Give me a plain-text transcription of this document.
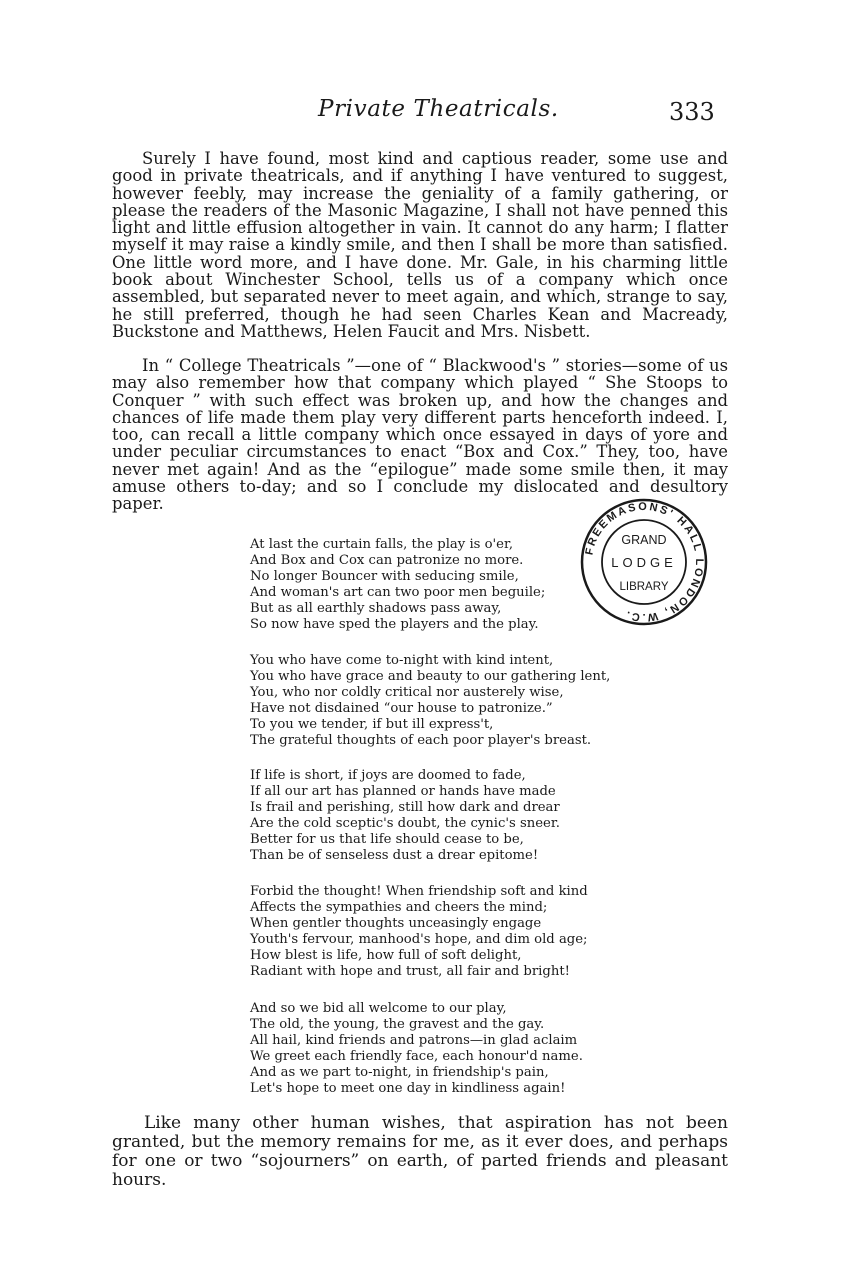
Private Theatricals.	333

Surely I have found, most kind and captious reader, some use and good in private theatricals, and if anything I have ventured to suggest, however feebly, may increase the geniality of a family gathering, or please the readers of the Masonic Magazine, I shall not have penned this light and little effusion altogether in vain. It cannot do any harm; I flatter myself it may raise a kindly smile, and then I shall be more than satisfied. One little word more, and I have done. Mr. Gale, in his charming little book about Winchester School, tells us of a company which once assembled, but separated never to meet again, and which, strange to say, he still preferred, though he had seen Charles Kean and Macready, Buckstone and Matthews, Helen Faucit and Mrs. Nisbett.

In “ College Theatricals ”—one of “ Blackwood's ” stories—some of us may also remember how that company which played “ She Stoops to Conquer ” with such effect was broken up, and how the changes and chances of life made them play very different parts henceforth indeed. I, too, can recall a little company which once essayed in days of yore and under peculiar circumstances to enact “Box and Cox.” They, too, have never met again! And as the “epilogue” made some smile then, it may amuse others to-day; and so I conclude my dislocated and desultory paper.

FREEMASONS' HALL LONDON, W.C.
GRAND
LODGE
LIBRARY
At last the curtain falls, the play is o'er,
And Box and Cox can patronize no more.
No longer Bouncer with seducing smile,
And woman's art can two poor men beguile;
But as all earthly shadows pass away,
So now have sped the players and the play.
You who have come to-night with kind intent,
You who have grace and beauty to our gathering lent,
You, who nor coldly critical nor austerely wise,
Have not disdained “our house to patronize.”
To you we tender, if but ill express't,
The grateful thoughts of each poor player's breast.
If life is short, if joys are doomed to fade,
If all our art has planned or hands have made
Is frail and perishing, still how dark and drear
Are the cold sceptic's doubt, the cynic's sneer.
Better for us that life should cease to be,
Than be of senseless dust a drear epitome!
Forbid the thought! When friendship soft and kind
Affects the sympathies and cheers the mind;
When gentler thoughts unceasingly engage
Youth's fervour, manhood's hope, and dim old age;
How blest is life, how full of soft delight,
Radiant with hope and trust, all fair and bright!
And so we bid all welcome to our play,
The old, the young, the gravest and the gay.
All hail, kind friends and patrons—in glad aclaim
We greet each friendly face, each honour'd name.
And as we part to-night, in friendship's pain,
Let's hope to meet one day in kindliness again!

Like many other human wishes, that aspiration has not been granted, but the memory remains for me, as it ever does, and perhaps for one or two “sojourners” on earth, of parted friends and pleasant hours.
